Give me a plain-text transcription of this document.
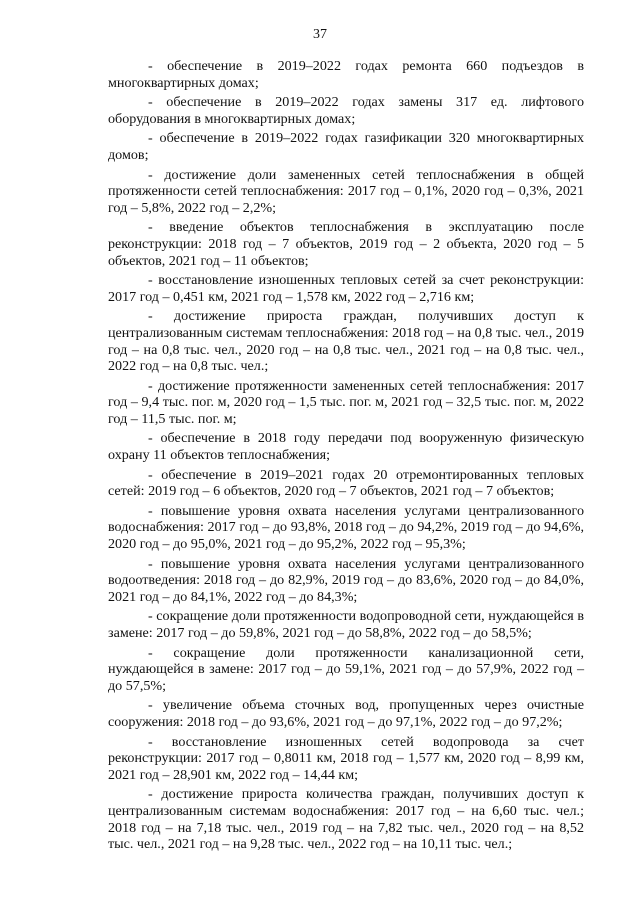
37

- обеспечение в 2019–2022 годах ремонта 660 подъездов в многоквартирных домах;

- обеспечение в 2019–2022 годах замены 317 ед. лифтового оборудования в многоквартирных домах;

- обеспечение в 2019–2022 годах газификации 320 многоквартирных домов;

- достижение доли замененных сетей теплоснабжения в общей протяженности сетей теплоснабжения: 2017 год – 0,1%, 2020 год – 0,3%, 2021 год – 5,8%, 2022 год – 2,2%;

- введение объектов теплоснабжения в эксплуатацию после реконструкции: 2018 год – 7 объектов, 2019 год – 2 объекта, 2020 год – 5 объектов, 2021 год – 11 объектов;

- восстановление изношенных тепловых сетей за счет реконструкции: 2017 год – 0,451 км, 2021 год – 1,578 км, 2022 год – 2,716 км;

- достижение прироста граждан, получивших доступ к централизованным системам теплоснабжения: 2018 год – на 0,8 тыс. чел., 2019 год – на 0,8 тыс. чел., 2020 год – на 0,8 тыс. чел., 2021 год – на 0,8 тыс. чел., 2022 год – на 0,8 тыс. чел.;

- достижение протяженности замененных сетей теплоснабжения: 2017 год – 9,4 тыс. пог. м, 2020 год – 1,5 тыс. пог. м, 2021 год – 32,5 тыс. пог. м, 2022 год – 11,5 тыс. пог. м;

- обеспечение в 2018 году передачи под вооруженную физическую охрану 11 объектов теплоснабжения;

- обеспечение в 2019–2021 годах 20 отремонтированных тепловых сетей: 2019 год – 6 объектов, 2020 год – 7 объектов, 2021 год – 7 объектов;

- повышение уровня охвата населения услугами централизованного водоснабжения: 2017 год – до 93,8%, 2018 год – до 94,2%, 2019 год – до 94,6%, 2020 год – до 95,0%, 2021 год – до 95,2%, 2022 год – 95,3%;

- повышение уровня охвата населения услугами централизованного водоотведения: 2018 год – до 82,9%, 2019 год – до 83,6%, 2020 год – до 84,0%, 2021 год – до 84,1%, 2022 год – до 84,3%;

- сокращение доли протяженности водопроводной сети, нуждающейся в замене: 2017 год – до 59,8%, 2021 год – до 58,8%, 2022 год – до 58,5%;

- сокращение доли протяженности канализационной сети, нуждающейся в замене: 2017 год – до 59,1%, 2021 год – до 57,9%, 2022 год – до 57,5%;

- увеличение объема сточных вод, пропущенных через очистные сооружения: 2018 год – до 93,6%, 2021 год – до 97,1%, 2022 год – до 97,2%;

- восстановление изношенных сетей водопровода за счет реконструкции: 2017 год – 0,8011 км, 2018 год – 1,577 км, 2020 год – 8,99 км, 2021 год – 28,901 км, 2022 год – 14,44 км;

- достижение прироста количества граждан, получивших доступ к централизованным системам водоснабжения: 2017 год – на 6,60 тыс. чел.; 2018 год – на 7,18 тыс. чел., 2019 год – на 7,82 тыс. чел., 2020 год – на 8,52 тыс. чел., 2021 год – на 9,28 тыс. чел., 2022 год – на 10,11 тыс. чел.;
